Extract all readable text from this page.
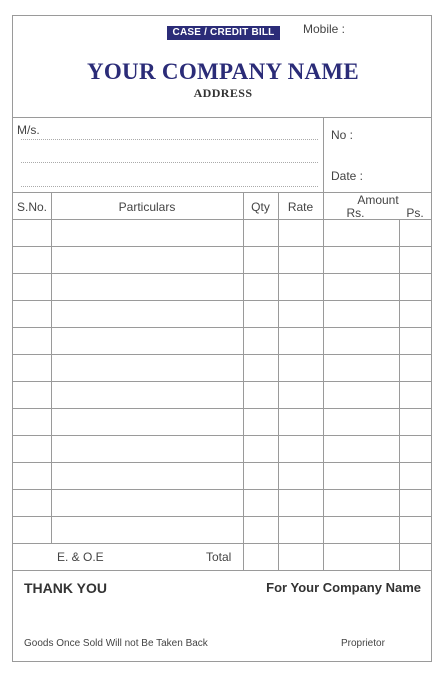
CASE / CREDIT BILL	Mobile :
YOUR COMPANY NAME
ADDRESS
M/s.	No :
Date :
S.No.	Particulars	Qty	Rate	Amount
Rs.	Ps.
E. & O.E	Total
THANK YOU	For Your Company Name
Goods Once Sold Will not Be Taken Back	Proprietor
